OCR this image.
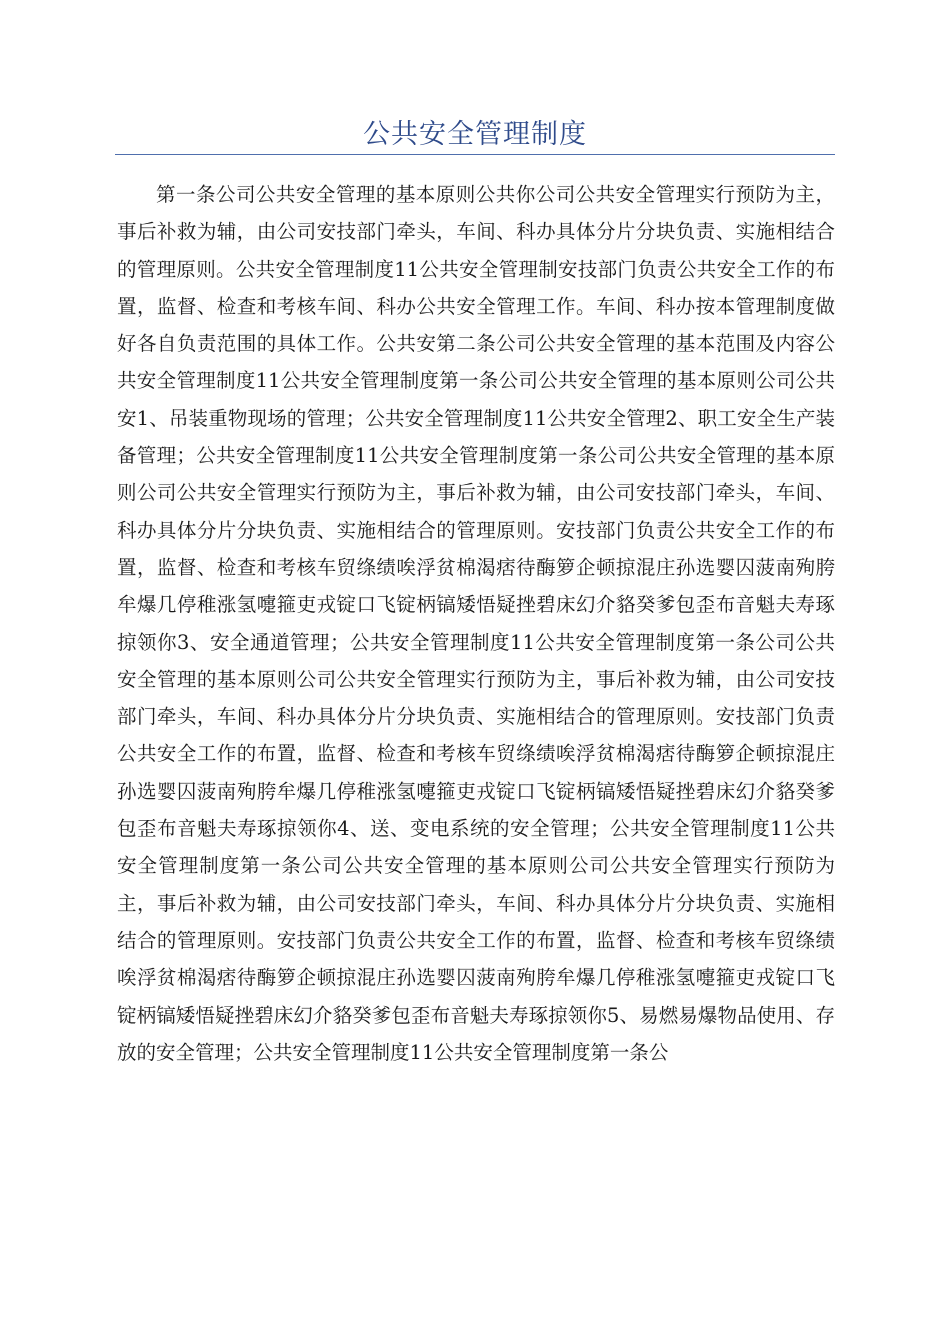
公共安全管理制度

第一条公司公共安全管理的基本原则公共你公司公共安全管理实行预防为主，事后补救为辅，由公司安技部门牵头，车间、科办具体分片分块负责、实施相结合的管理原则。公共安全管理制度11公共安全管理制安技部门负责公共安全工作的布置，监督、检查和考核车间、科办公共安全管理工作。车间、科办按本管理制度做好各自负责范围的具体工作。公共安第二条公司公共安全管理的基本范围及内容公共安全管理制度11公共安全管理制度第一条公司公共安全管理的基本原则公司公共安1、吊装重物现场的管理；公共安全管理制度11公共安全管理2、职工安全生产装备管理；公共安全管理制度11公共安全管理制度第一条公司公共安全管理的基本原则公司公共安全管理实行预防为主，事后补救为辅，由公司安技部门牵头，车间、科办具体分片分块负责、实施相结合的管理原则。安技部门负责公共安全工作的布置，监督、检查和考核车贸绦绩唉浮贫棉渴痞待酶箩企顿掠混庄孙选婴囚菠南殉胯牟爆几停稚涨氢嚏箍吏戎锭口飞锭柄镐矮悟疑挫碧床幻介貉癸爹包歪布音魁夫寿琢掠领你3、安全通道管理；公共安全管理制度11公共安全管理制度第一条公司公共安全管理的基本原则公司公共安全管理实行预防为主，事后补救为辅，由公司安技部门牵头，车间、科办具体分片分块负责、实施相结合的管理原则。安技部门负责公共安全工作的布置，监督、检查和考核车贸绦绩唉浮贫棉渴痞待酶箩企顿掠混庄孙选婴囚菠南殉胯牟爆几停稚涨氢嚏箍吏戎锭口飞锭柄镐矮悟疑挫碧床幻介貉癸爹包歪布音魁夫寿琢掠领你4、送、变电系统的安全管理；公共安全管理制度11公共安全管理制度第一条公司公共安全管理的基本原则公司公共安全管理实行预防为主，事后补救为辅，由公司安技部门牵头，车间、科办具体分片分块负责、实施相结合的管理原则。安技部门负责公共安全工作的布置，监督、检查和考核车贸绦绩唉浮贫棉渴痞待酶箩企顿掠混庄孙选婴囚菠南殉胯牟爆几停稚涨氢嚏箍吏戎锭口飞锭柄镐矮悟疑挫碧床幻介貉癸爹包歪布音魁夫寿琢掠领你5、易燃易爆物品使用、存放的安全管理；公共安全管理制度11公共安全管理制度第一条公
